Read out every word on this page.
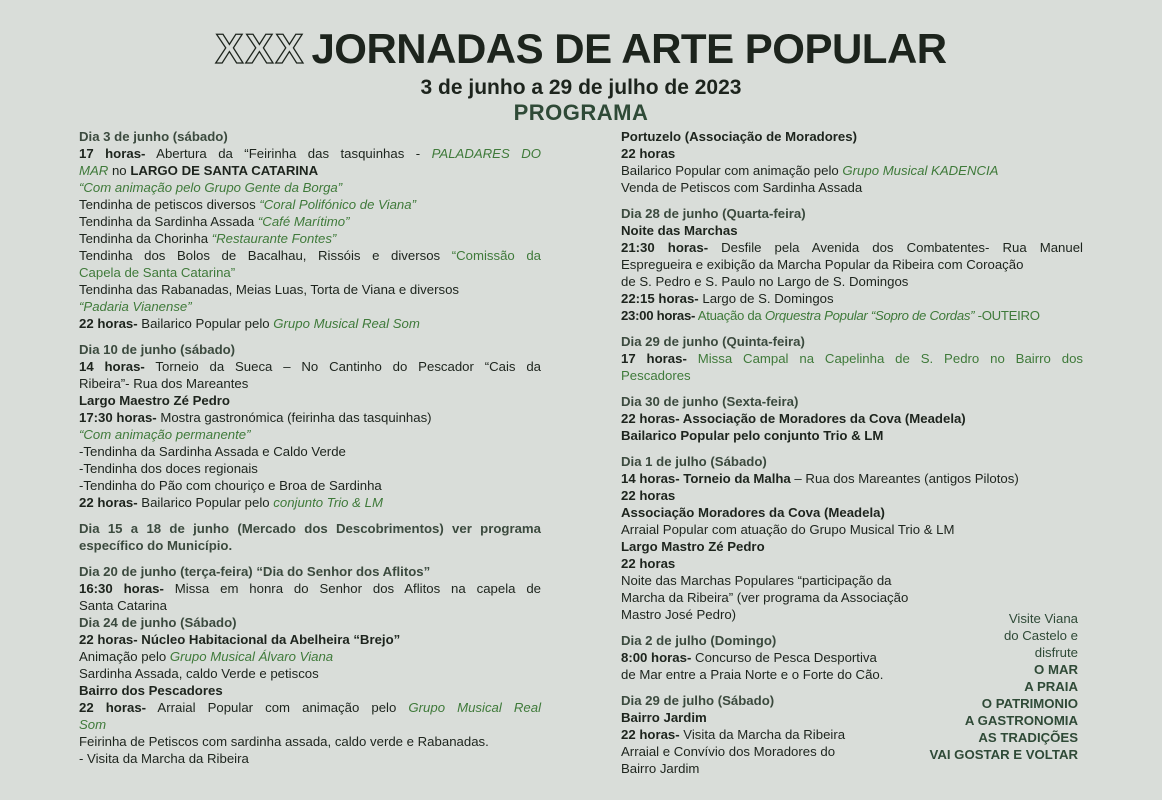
XXX JORNADAS DE ARTE POPULAR
3 de junho a 29 de julho de 2023
PROGRAMA
Dia 3 de junho (sábado)
17 horas- Abertura da “Feirinha das tasquinhas - PALADARES DO
MAR no LARGO DE SANTA CATARINA
“Com animação pelo Grupo Gente da Borga”
Tendinha de petiscos diversos “Coral Polifónico de Viana”
Tendinha da Sardinha Assada “Café Marítimo”
Tendinha da Chorinha “Restaurante Fontes”
Tendinha dos Bolos de Bacalhau, Rissóis e diversos “Comissão da
Capela de Santa Catarina”
Tendinha das Rabanadas, Meias Luas, Torta de Viana e diversos
“Padaria Vianense”
22 horas- Bailarico Popular pelo Grupo Musical Real Som
Dia 10 de junho (sábado)
14 horas- Torneio da Sueca – No Cantinho do Pescador “Cais da
Ribeira”- Rua dos Mareantes
Largo Maestro Zé Pedro
17:30 horas- Mostra gastronómica (feirinha das tasquinhas)
“Com animação permanente”
-Tendinha da Sardinha Assada e Caldo Verde
-Tendinha dos doces regionais
-Tendinha do Pão com chouriço e Broa de Sardinha
22 horas- Bailarico Popular pelo conjunto Trio & LM
Dia 15 a 18 de junho (Mercado dos Descobrimentos) ver programa
específico do Município.
Dia 20 de junho (terça-feira) “Dia do Senhor dos Aflitos”
16:30 horas- Missa em honra do Senhor dos Aflitos na capela de
Santa Catarina
Dia 24 de junho (Sábado)
22 horas- Núcleo Habitacional da Abelheira “Brejo”
Animação pelo Grupo Musical Álvaro Viana
Sardinha Assada, caldo Verde e petiscos
Bairro dos Pescadores
22 horas- Arraial Popular com animação pelo Grupo Musical Real
Som
Feirinha de Petiscos com sardinha assada, caldo verde e Rabanadas.
- Visita da Marcha da Ribeira
Portuzelo (Associação de Moradores)
22 horas
Bailarico Popular com animação pelo Grupo Musical KADENCIA
Venda de Petiscos com Sardinha Assada
Dia 28 de junho (Quarta-feira)
Noite das Marchas
21:30 horas- Desfile pela Avenida dos Combatentes- Rua Manuel
Espregueira e exibição da Marcha Popular da Ribeira com Coroação
de S. Pedro e S. Paulo no Largo de S. Domingos
22:15 horas- Largo de S. Domingos
23:00 horas- Atuação da Orquestra Popular “Sopro de Cordas” -OUTEIRO
Dia 29 de junho (Quinta-feira)
17 horas- Missa Campal na Capelinha de S. Pedro no Bairro dos
Pescadores
Dia 30 de junho (Sexta-feira)
22 horas- Associação de Moradores da Cova (Meadela)
Bailarico Popular pelo conjunto Trio & LM
Dia 1 de julho (Sábado)
14 horas- Torneio da Malha – Rua dos Mareantes (antigos Pilotos)
22 horas
Associação Moradores da Cova (Meadela)
Arraial Popular com atuação do Grupo Musical Trio & LM
Largo Mastro Zé Pedro
22 horas
Noite das Marchas Populares “participação da
Marcha da Ribeira” (ver programa da Associação
Mastro José Pedro)
Dia 2 de julho (Domingo)
8:00 horas- Concurso de Pesca Desportiva
de Mar entre a Praia Norte e o Forte do Cão.
Dia 29 de julho (Sábado)
Bairro Jardim
22 horas- Visita da Marcha da Ribeira
Arraial e Convívio dos Moradores do
Bairro Jardim
Visite Viana
do Castelo e
disfrute
O MAR
A PRAIA
O PATRIMONIO
A GASTRONOMIA
AS TRADIÇÕES
VAI GOSTAR E VOLTAR
